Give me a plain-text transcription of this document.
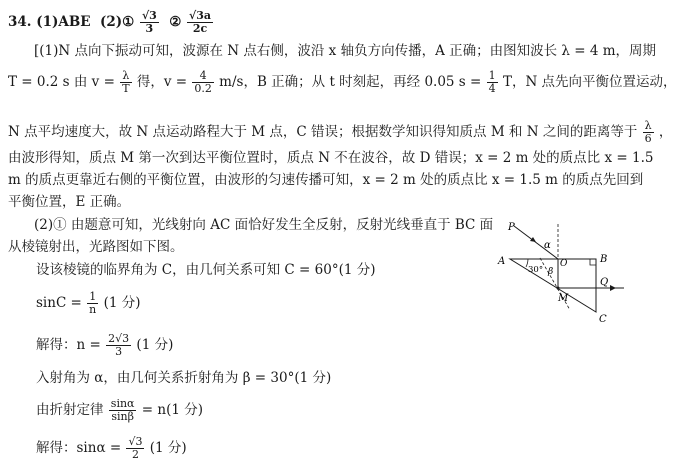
34. (1)ABE (2)① $\frac{√3}{3}$ ② $\frac{√3a}{2c}$
[(1)N 点向下振动可知，波源在 N 点右侧，波沿 x 轴负方向传播，A 正确；由图知波长 λ = 4 m，周期
T = 0.2 s 由 $v = \frac{\lambda}{T}$ 得，$v = \frac{4}{0.2} m/s$，B 正确；从 t 时刻起，再经 0.05 $s = \frac{1}{4}$ T，N 点先向平衡位置运动，
N 点平均速度大，故 N 点运动路程大于 M 点，C 错误；根据数学知识得知质点 M 和 N 之间的距离等于 $\frac{\lambda}{6}$ ，
由波形得知，质点 M 第一次到达平衡位置时，质点 N 不在波谷，故 D 错误；x = 2 m 处的质点比 x = 1.5
m 的质点更靠近右侧的平衡位置，由波形的匀速传播可知，x = 2 m 处的质点比 x = 1.5 m 的质点先回到
平衡位置，E 正确。
(2)① 由题意可知，光线射向 AC 面恰好发生全反射，反射光线垂直于 BC 面
从棱镜射出，光路图如下图。
设该棱镜的临界角为 C，由几何关系可知 C = 60°(1 分)
$\sin C = \frac{1}{n} (1$ 分)
解得：$n = \frac{2√3}{3} (1$ 分)
入射角为 α，由几何关系折射角为 β = 30°(1 分)
由折射定律 $\frac{\sin\alpha}{\sin\beta} = n(1$ 分)
解得：$\sin\alpha = \frac{√3}{2} (1$ 分)
P
α
A
30°
O
β
B
Q
M
C
